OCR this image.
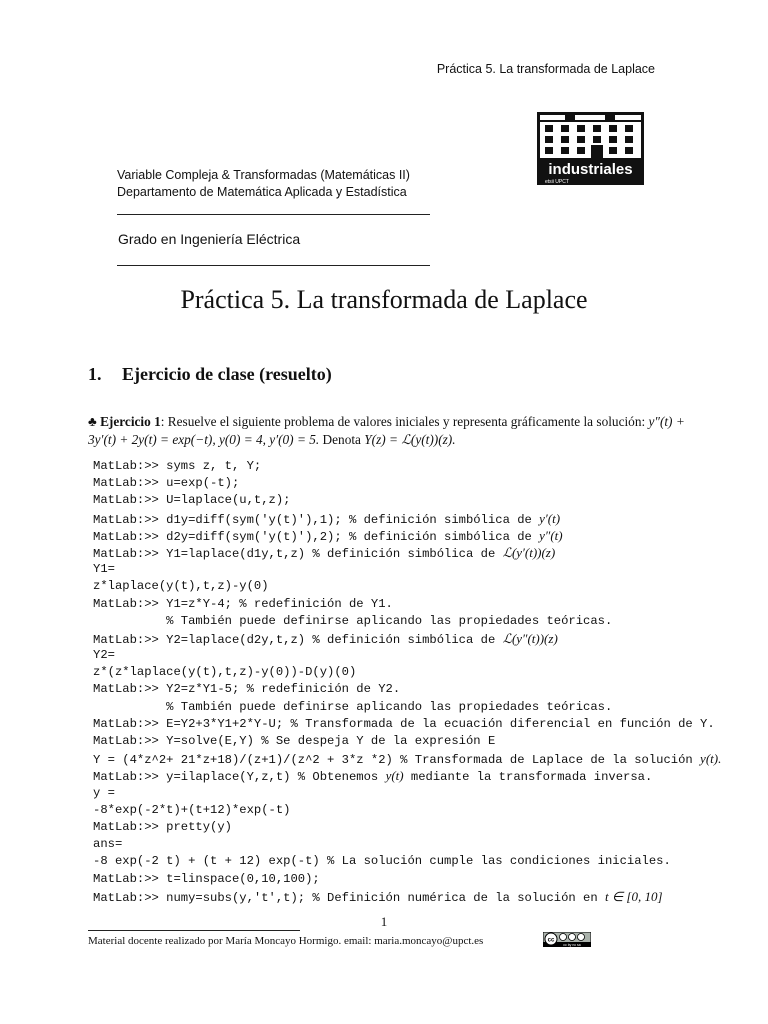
Práctica 5. La transformada de Laplace
industriales
etsii UPCT
Variable Compleja & Transformadas (Matemáticas II)
Departamento de Matemática Aplicada y Estadística
Grado en Ingeniería Eléctrica
Práctica 5. La transformada de Laplace
1. Ejercicio de clase (resuelto)
♣ Ejercicio 1: Resuelve el siguiente problema de valores iniciales y representa gráficamente la solución: y″(t) + 3y′(t) + 2y(t) = exp(−t), y(0) = 4, y′(0) = 5. Denota Y(z) = ℒ(y(t))(z).
MatLab:>> syms z, t, Y;
MatLab:>> u=exp(-t);
MatLab:>> U=laplace(u,t,z);
MatLab:>> d1y=diff(sym('y(t)'),1); % definición simbólica de y′(t)
MatLab:>> d2y=diff(sym('y(t)'),2); % definición simbólica de y″(t)
MatLab:>> Y1=laplace(d1y,t,z) % definición simbólica de ℒ(y′(t))(z)
Y1=
z*laplace(y(t),t,z)-y(0)
MatLab:>> Y1=z*Y-4; % redefinición de Y1.
% También puede definirse aplicando las propiedades teóricas.
MatLab:>> Y2=laplace(d2y,t,z) % definición simbólica de ℒ(y″(t))(z)
Y2=
z*(z*laplace(y(t),t,z)-y(0))-D(y)(0)
MatLab:>> Y2=z*Y1-5; % redefinición de Y2.
% También puede definirse aplicando las propiedades teóricas.
MatLab:>> E=Y2+3*Y1+2*Y-U; % Transformada de la ecuación diferencial en función de Y.
MatLab:>> Y=solve(E,Y) % Se despeja Y de la expresión E
Y = (4*z^2+ 21*z+18)/(z+1)/(z^2 + 3*z *2) % Transformada de Laplace de la solución y(t).
MatLab:>> y=ilaplace(Y,z,t) % Obtenemos y(t) mediante la transformada inversa.
y =
-8*exp(-2*t)+(t+12)*exp(-t)
MatLab:>> pretty(y)
ans=
-8 exp(-2 t) + (t + 12) exp(-t) % La solución cumple las condiciones iniciales.
MatLab:>> t=linspace(0,10,100);
MatLab:>> numy=subs(y,'t',t); % Definición numérica de la solución en t ∈ [0, 10]
1
Material docente realizado por María Moncayo Hormigo. email: maria.moncayo@upct.es	cc
cc by nc sa
